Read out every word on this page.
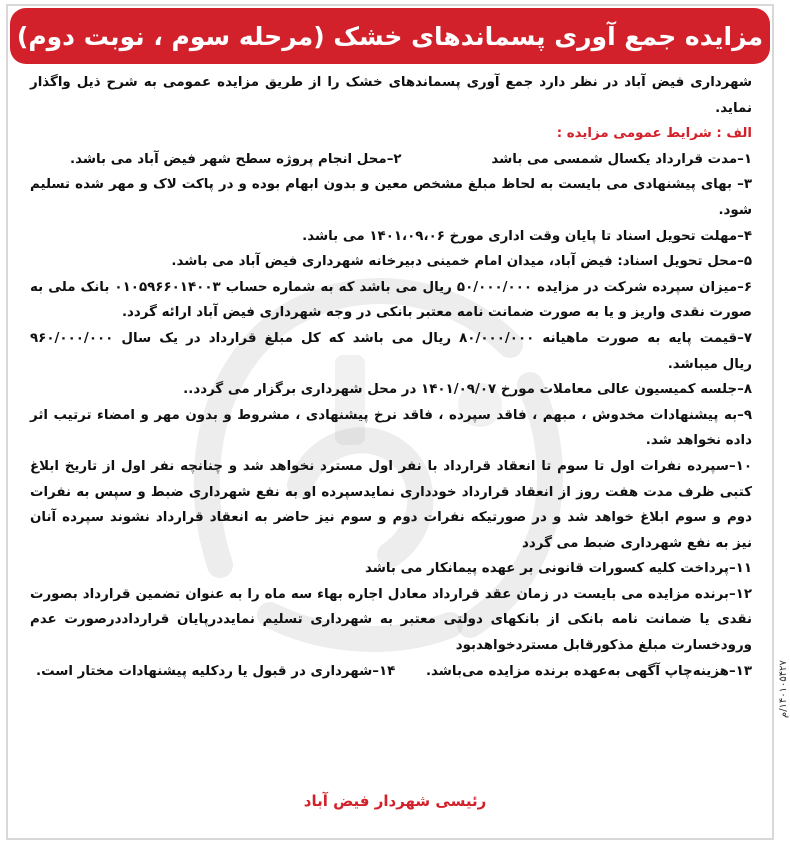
مزایده جمع آوری پسماندهای خشک (مرحله سوم ، نوبت دوم)
شهرداری فیض آباد در نظر دارد جمع آوری پسماندهای خشک را از طریق مزایده عمومی به شرح ذیل واگذار
نماید.
الف : شرایط عمومی مزایده :
۱–مدت قرارداد یکسال شمسی می باشد
۲–محل انجام پروژه سطح شهر فیض آباد می باشد.
۳– بهای پیشنهادی می بایست به لحاظ مبلغ مشخص معین و بدون ابهام بوده و در پاکت لاک و مهر شده تسلیم
شود.
۴–مهلت تحویل اسناد تا پایان وقت اداری مورخ ۱۴۰۱،۰۹،۰۶ می باشد.
۵–محل تحویل اسناد: فیض آباد، میدان امام خمینی دبیرخانه شهرداری فیض آباد می باشد.
۶–میزان سپرده شرکت در مزایده ۵۰/۰۰۰/۰۰۰ ریال می باشد که به شماره حساب ۰۱۰۵۹۶۶۰۱۴۰۰۳ بانک ملی به
صورت نقدی واریز و یا به صورت ضمانت نامه معتبر بانکی در وجه شهرداری فیض آباد ارائه گردد.
۷–قیمت پایه به صورت ماهیانه ۸۰/۰۰۰/۰۰۰ ریال می باشد که کل مبلغ قرارداد در یک سال ۹۶۰/۰۰۰/۰۰۰
ریال میباشد.
۸–جلسه کمیسیون عالی معاملات مورخ ۱۴۰۱/۰۹/۰۷ در محل شهرداری برگزار می گردد..
۹–به پیشنهادات مخدوش ، مبهم ، فاقد سپرده ، فاقد نرخ پیشنهادی ، مشروط و بدون مهر و امضاء ترتیب اثر
داده نخواهد شد.
۱۰–سپرده نفرات اول تا سوم تا انعقاد قرارداد با نفر اول مسترد نخواهد شد و چنانچه نفر اول از تاریخ ابلاغ
کتبی ظرف مدت هفت روز از انعقاد قرارداد خودداری نمایدسپرده او به نفع شهرداری ضبط و سپس به نفرات
دوم و سوم ابلاغ خواهد شد و در صورتیکه نفرات دوم و سوم نیز حاضر به انعقاد قرارداد نشوند سپرده آنان
نیز به نفع شهرداری ضبط می گردد
۱۱–پرداخت کلیه کسورات قانونی بر عهده پیمانکار می باشد
۱۲–برنده مزایده می بایست در زمان عقد قرارداد معادل اجاره بهاء سه ماه را به عنوان تضمین قرارداد بصورت
نقدی یا ضمانت نامه بانکی از بانکهای دولتی معتبر به شهرداری تسلیم نمایددرپایان قرارداددرصورت عدم
ورودخسارت مبلغ مذکورقابل مستردخواهدبود
۱۳–هزینه‌چاپ آگهی به‌عهده برنده مزایده می‌باشد.
۱۴–شهرداری در قبول یا ردکلیه پیشنهادات مختار است.
رئیسی شهردار فیض آباد
۱۴۰۱۰۵۴۲۷/م
